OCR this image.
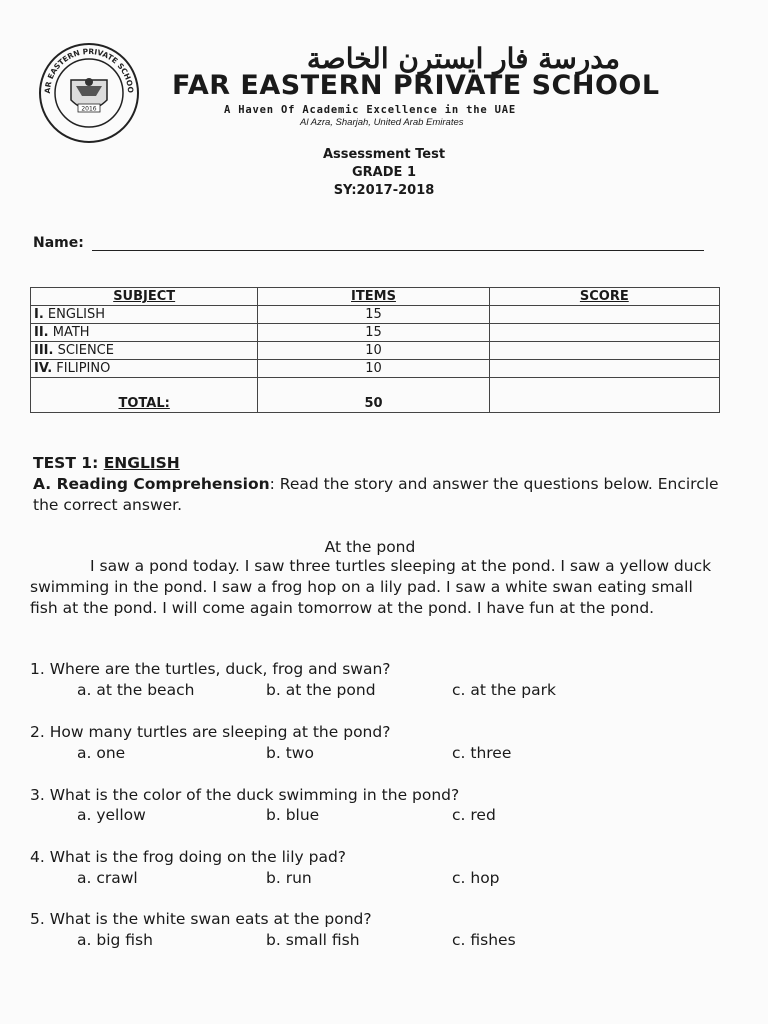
AR EASTERN PRIVATE SCHOO
2016
مدرسة فار ايسترن الخاصة
FAR EASTERN PRIVATE SCHOOL
A Haven Of Academic Excellence in the UAE
Al Azra, Sharjah, United Arab Emirates
Assessment Test
GRADE 1
SY:2017-2018
Name:
SUBJECT	ITEMS	SCORE
I. ENGLISH	15	
II. MATH	15	
III. SCIENCE	10	
IV. FILIPINO	10	
TOTAL:	50	
TEST 1: ENGLISH
A. Reading Comprehension: Read the story and answer the questions below. Encircle the correct answer.
At the pond
I saw a pond today. I saw three turtles sleeping at the pond. I saw a yellow duck swimming in the pond. I saw a frog hop on a lily pad. I saw a white swan eating small fish at the pond. I will come again tomorrow at the pond. I have fun at the pond.
1. Where are the turtles, duck, frog and swan?
a. at the beach	b. at the pond	c. at the park
2. How many turtles are sleeping at the pond?
a. one	b. two	c. three
3. What is the color of the duck swimming in the pond?
a. yellow	b. blue	c. red
4. What is the frog doing on the lily pad?
a. crawl	b. run	c. hop
5. What is the white swan eats at the pond?
a. big fish	b. small fish	c. fishes
